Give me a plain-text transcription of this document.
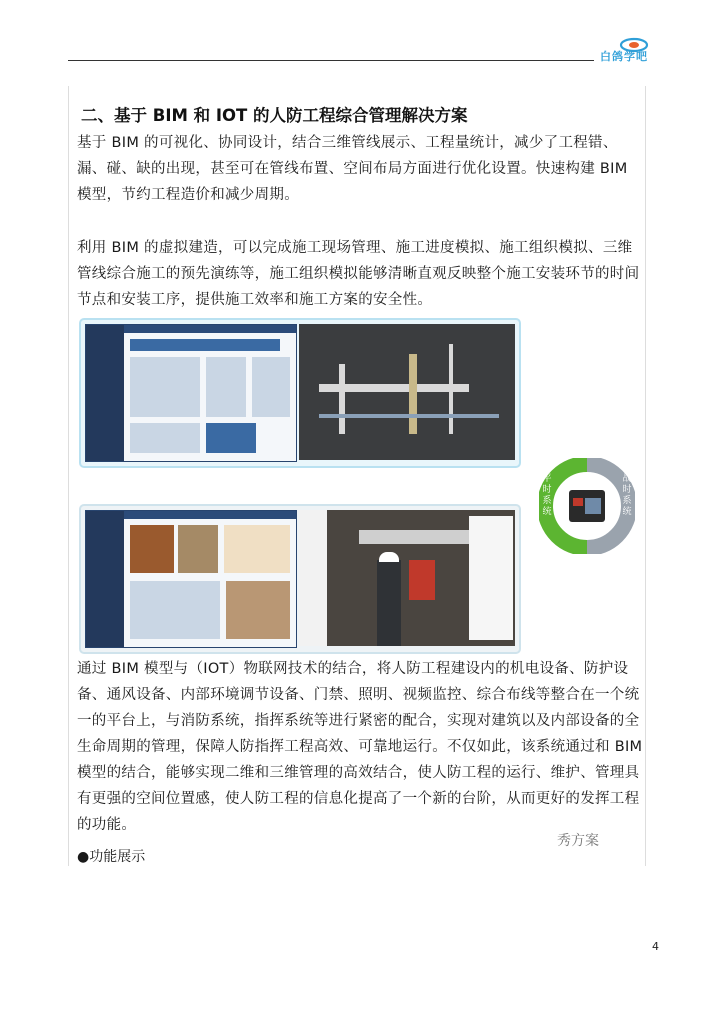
白鸽学吧
二、基于 BIM 和 IOT 的人防工程综合管理解决方案

基于 BIM 的可视化、协同设计，结合三维管线展示、工程量统计，减少了工程错、漏、碰、缺的出现，甚至可在管线布置、空间布局方面进行优化设置。快速构建 BIM 模型，节约工程造价和减少周期。

利用 BIM 的虚拟建造，可以完成施工现场管理、施工进度模拟、施工组织模拟、三维管线综合施工的预先演练等，施工组织模拟能够清晰直观反映整个施工安装环节的时间节点和安装工序，提供施工效率和施工方案的安全性。

平时系统
战时系统

通过 BIM 模型与（IOT）物联网技术的结合，将人防工程建设内的机电设备、防护设备、通风设备、内部环境调节设备、门禁、照明、视频监控、综合布线等整合在一个统一的平台上，与消防系统，指挥系统等进行紧密的配合，实现对建筑以及内部设备的全生命周期的管理，保障人防指挥工程高效、可靠地运行。不仅如此，该系统通过和 BIM 模型的结合，能够实现二维和三维管理的高效结合，使人防工程的运行、维护、管理具有更强的空间位置感，使人防工程的信息化提高了一个新的台阶，从而更好的发挥工程的功能。

秀方案
●功能展示
4
